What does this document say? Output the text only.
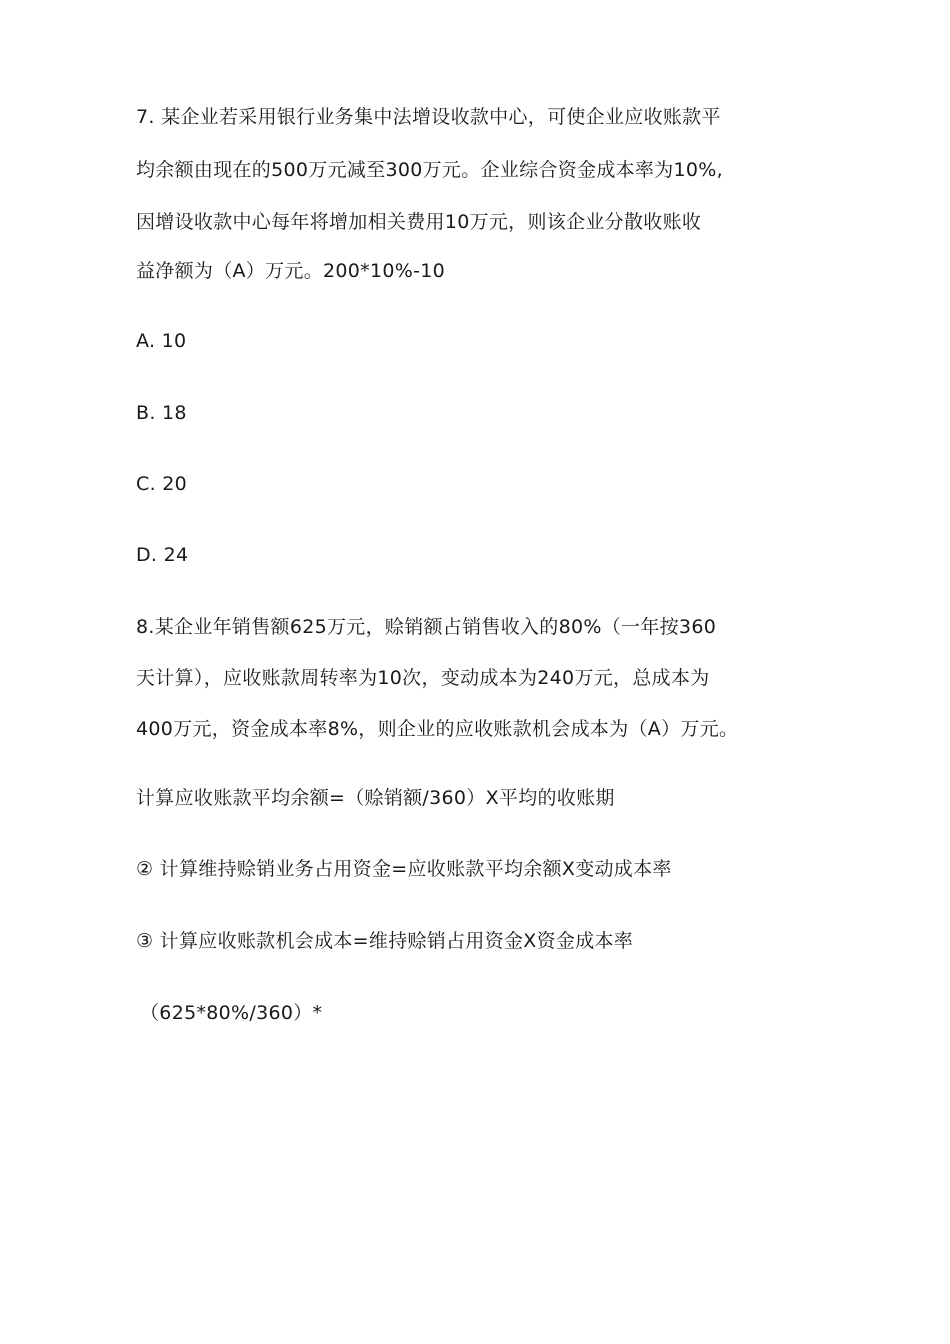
7. 某企业若采用银行业务集中法增设收款中心，可使企业应收账款平
均余额由现在的500万元减至300万元。企业综合资金成本率为10%,
因增设收款中心每年将增加相关费用10万元，则该企业分散收账收
益净额为（A）万元。200*10%-10
A. 10
B. 18
C. 20
D. 24
8.某企业年销售额625万元，赊销额占销售收入的80%（一年按360
天计算），应收账款周转率为10次，变动成本为240万元，总成本为
400万元，资金成本率8%，则企业的应收账款机会成本为（A）万元。
计算应收账款平均余额=（赊销额/360）X平均的收账期
② 计算维持赊销业务占用资金=应收账款平均余额X变动成本率
③ 计算应收账款机会成本=维持赊销占用资金X资金成本率
（625*80%/360）*
